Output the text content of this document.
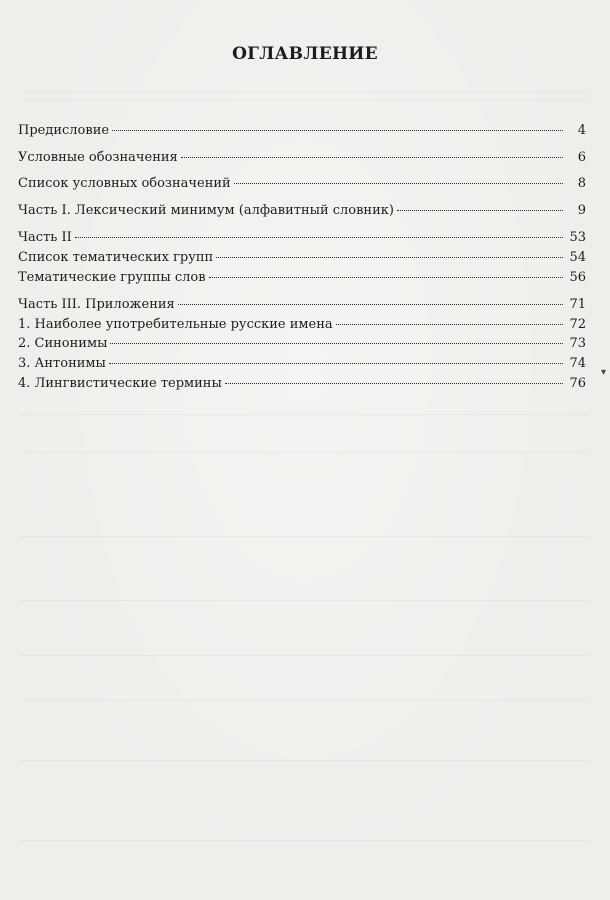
ОГЛАВЛЕНИЕ
Предисловие	4
Условные обозначения	6
Список условных обозначений	8
Часть I. Лексический минимум (алфавитный словник)	9
Часть II	53
Список тематических групп	54
Тематические группы слов	56
Часть III. Приложения	71
1. Наиболее употребительные русские имена	72
2. Синонимы	73
3. Антонимы	74
4. Лингвистические термины	76
▾
